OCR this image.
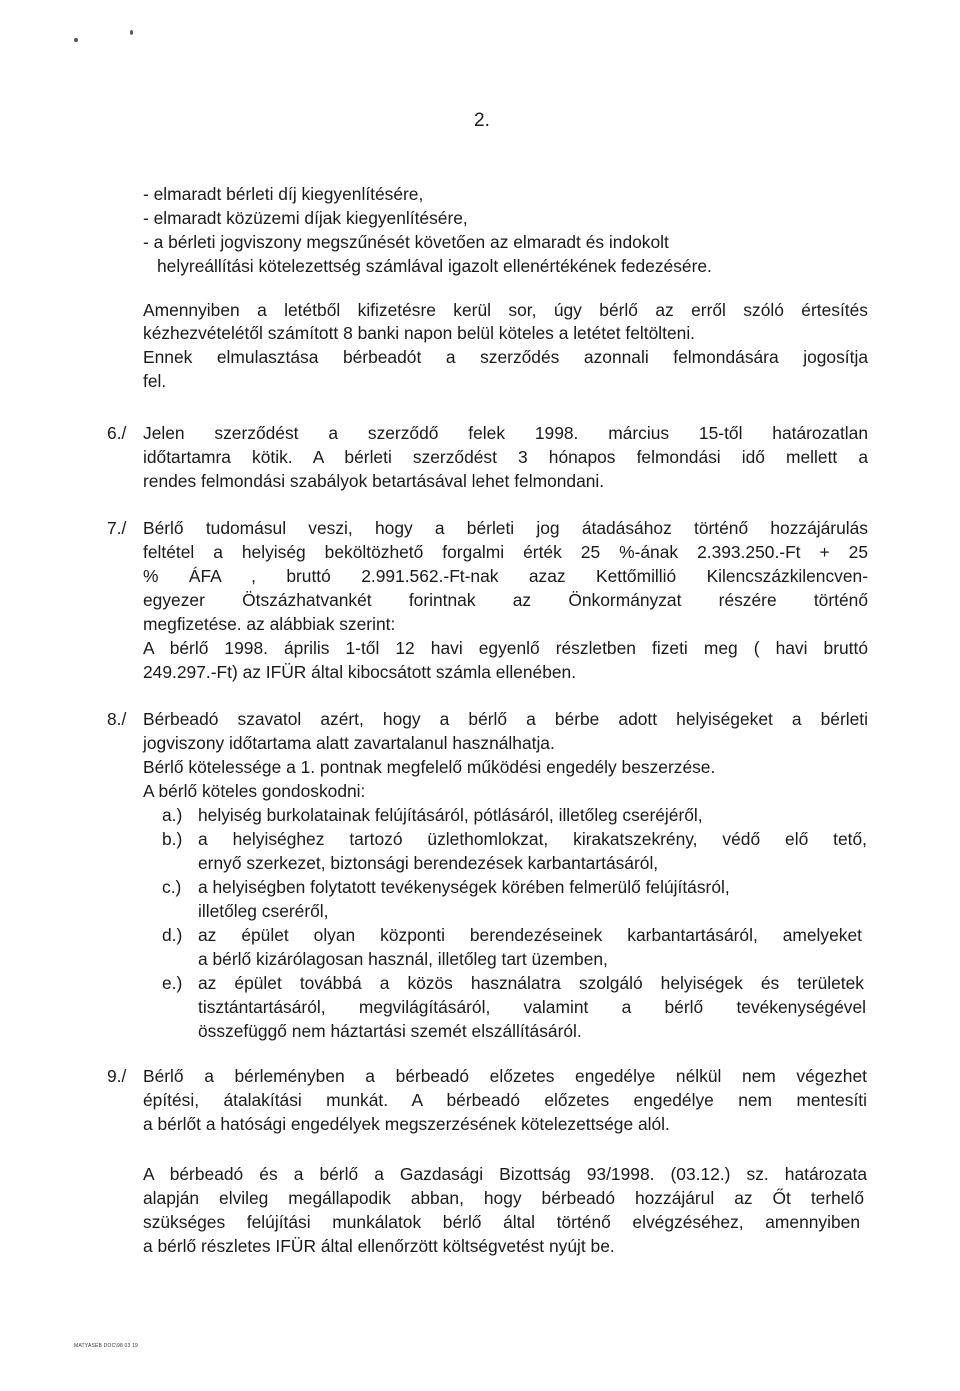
2.
- elmaradt bérleti díj kiegyenlítésére,
- elmaradt közüzemi díjak kiegyenlítésére,
- a bérleti jogviszony megszűnését követően az elmaradt és indokolt
helyreállítási kötelezettség számlával igazolt ellenértékének fedezésére.
Amennyiben a letétből kifizetésre kerül sor, úgy bérlő az erről szóló értesítés
kézhezvételétől számított 8 banki napon belül köteles a letétet feltölteni.
Ennek elmulasztása bérbeadót a szerződés azonnali felmondására jogosítja
fel.
6./ Jelen szerződést a szerződő felek 1998. március 15-től határozatlan
időtartamra kötik. A bérleti szerződést 3 hónapos felmondási idő mellett a
rendes felmondási szabályok betartásával lehet felmondani.
7./ Bérlő tudomásul veszi, hogy a bérleti jog átadásához történő hozzájárulás
feltétel a helyiség beköltözhető forgalmi érték 25 %-ának 2.393.250.-Ft + 25
% ÁFA , bruttó 2.991.562.-Ft-nak azaz Kettőmillió Kilencszázkilencven-
egyezer Ötszázhatvankét forintnak az Önkormányzat részére történő
megfizetése. az alábbiak szerint:
A bérlő 1998. április 1-től 12 havi egyenlő részletben fizeti meg ( havi bruttó
249.297.-Ft) az IFÜR által kibocsátott számla ellenében.
8./ Bérbeadó szavatol azért, hogy a bérlő a bérbe adott helyiségeket a bérleti
jogviszony időtartama alatt zavartalanul használhatja.
Bérlő kötelessége a 1. pontnak megfelelő működési engedély beszerzése.
A bérlő köteles gondoskodni:
a.) helyiség burkolatainak felújításáról, pótlásáról, illetőleg cseréjéről,
b.) a helyiséghez tartozó üzlethomlokzat, kirakatszekrény, védő elő tető,
ernyő szerkezet, biztonsági berendezések karbantartásáról,
c.) a helyiségben folytatott tevékenységek körében felmerülő felújításról,
illetőleg cseréről,
d.) az épület olyan központi berendezéseinek karbantartásáról, amelyeket
a bérlő kizárólagosan használ, illetőleg tart üzemben,
e.) az épület továbbá a közös használatra szolgáló helyiségek és területek
tisztántartásáról, megvilágításáról, valamint a bérlő tevékenységével
összefüggő nem háztartási szemét elszállításáról.
9./ Bérlő a bérleményben a bérbeadó előzetes engedélye nélkül nem végezhet
építési, átalakítási munkát. A bérbeadó előzetes engedélye nem mentesíti
a bérlőt a hatósági engedélyek megszerzésének kötelezettsége alól.
A bérbeadó és a bérlő a Gazdasági Bizottság 93/1998. (03.12.) sz. határozata
alapján elvileg megállapodik abban, hogy bérbeadó hozzájárul az Őt terhelő
szükséges felújítási munkálatok bérlő által történő elvégzéséhez, amennyiben
a bérlő részletes IFÜR által ellenőrzött költségvetést nyújt be.
MATYASEB DOC\98 03 19
